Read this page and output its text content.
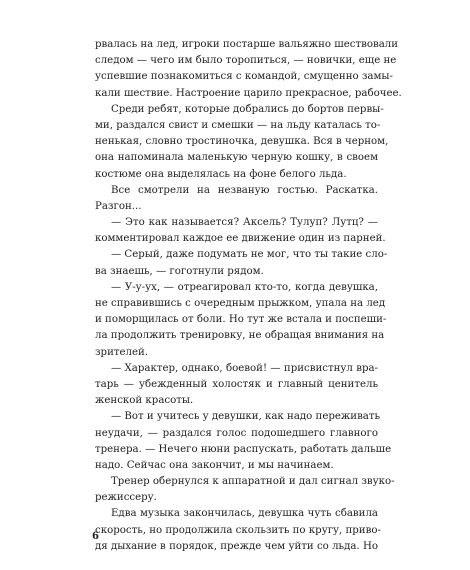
рвалась на лед, игроки постарше вальяжно шествовали
следом — чего им было торопиться, — новички, еще не
успевшие познакомиться с командой, смущенно замы-
кали шествие. Настроение царило прекрасное, рабочее.
Среди ребят, которые добрались до бортов первы-
ми, раздался свист и смешки — на льду каталась то-
ненькая, словно тростиночка, девушка. Вся в черном,
она напоминала маленькую черную кошку, в своем
костюме она выделялась на фоне белого льда.
Все смотрели на незваную гостью. Раскатка.
Разгон...
— Это как называется? Аксель? Тулуп? Лутц? —
комментировал каждое ее движение один из парней.
— Серый, даже подумать не мог, что ты такие сло-
ва знаешь, — гоготнули рядом.
— У-у-ух, — отреагировал кто-то, когда девушка,
не справившись с очередным прыжком, упала на лед
и поморщилась от боли. Но тут же встала и поспеши-
ла продолжить тренировку, не обращая внимания на
зрителей.
— Характер, однако, боевой! — присвистнул врa-
тарь — убежденный холостяк и главный ценитель
женской красоты.
— Вот и учитесь у девушки, как надо переживать
неудачи, — раздался голос подошедшего главного
тренера. — Нечего нюни распускать, работать дальше
надо. Сейчас она закончит, и мы начинаем.
Тренер обернулся к аппаратной и дал сигнал звуко-
режиссеру.
Едва музыка закончилась, девушка чуть сбавила
скорость, но продолжила скользить по кругу, приво-
дя дыхание в порядок, прежде чем уйти со льда. Но
6
